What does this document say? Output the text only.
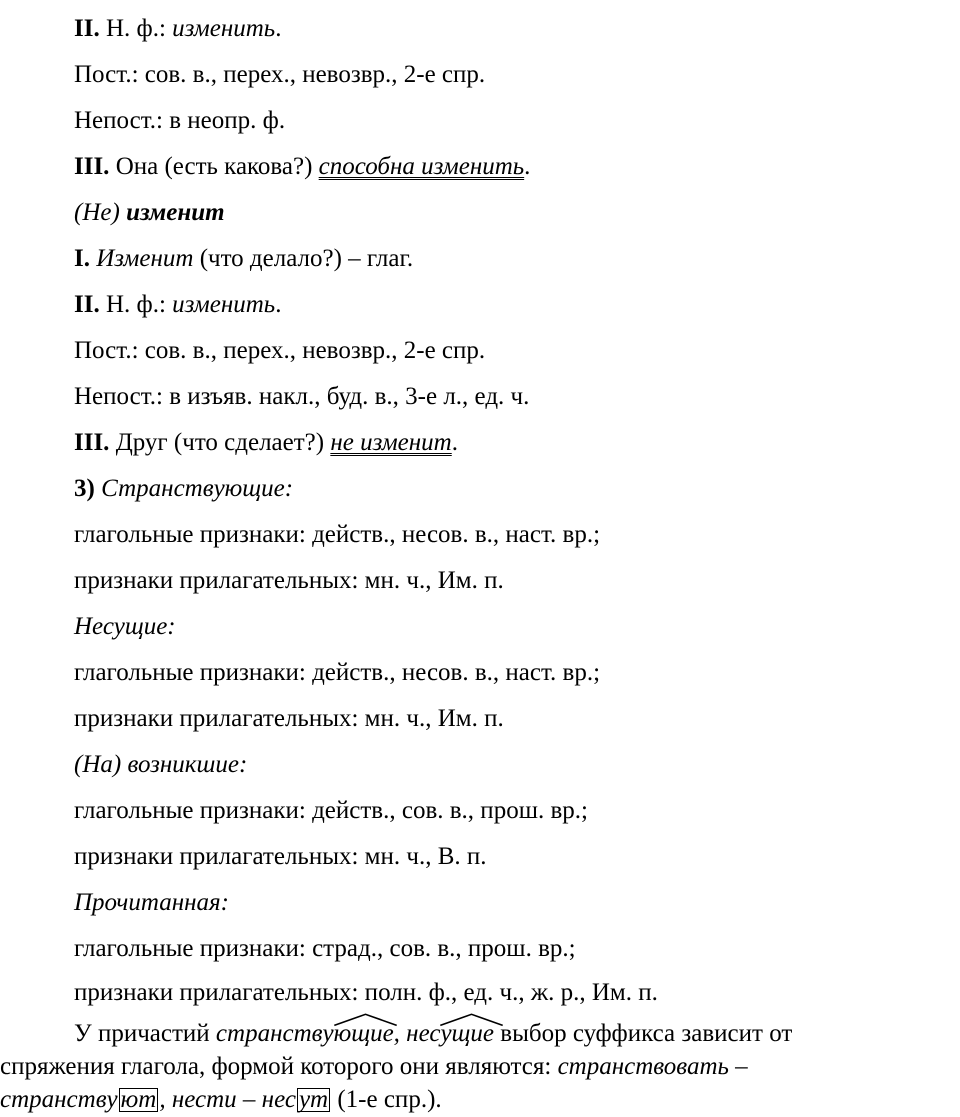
II. Н. ф.: изменить.
Пост.: сов. в., перех., невозвр., 2-е спр.
Непост.: в неопр. ф.
III. Она (есть какова?) способна изменить.
(Не) изменит
I. Изменит (что делало?) – глаг.
II. Н. ф.: изменить.
Пост.: сов. в., перех., невозвр., 2-е спр.
Непост.: в изъяв. накл., буд. в., 3-е л., ед. ч.
III. Друг (что сделает?) не изменит.
3) Странствующие:
глагольные признаки: действ., несов. в., наст. вр.;
признаки прилагательных: мн. ч., Им. п.
Несущие:
глагольные признаки: действ., несов. в., наст. вр.;
признаки прилагательных: мн. ч., Им. п.
(На) возникшие:
глагольные признаки: действ., сов. в., прош. вр.;
признаки прилагательных: мн. ч., В. п.
Прочитанная:
глагольные признаки: страд., сов. в., прош. вр.;
признаки прилагательных: полн. ф., ед. ч., ж. р., Им. п.
У причастий странствующ
ие, несущ
ие выбор суффикса зависит от
спряжения глагола, формой которого они являются: странствовать –
странству ют , нести – нес ут (1-е спр.).
